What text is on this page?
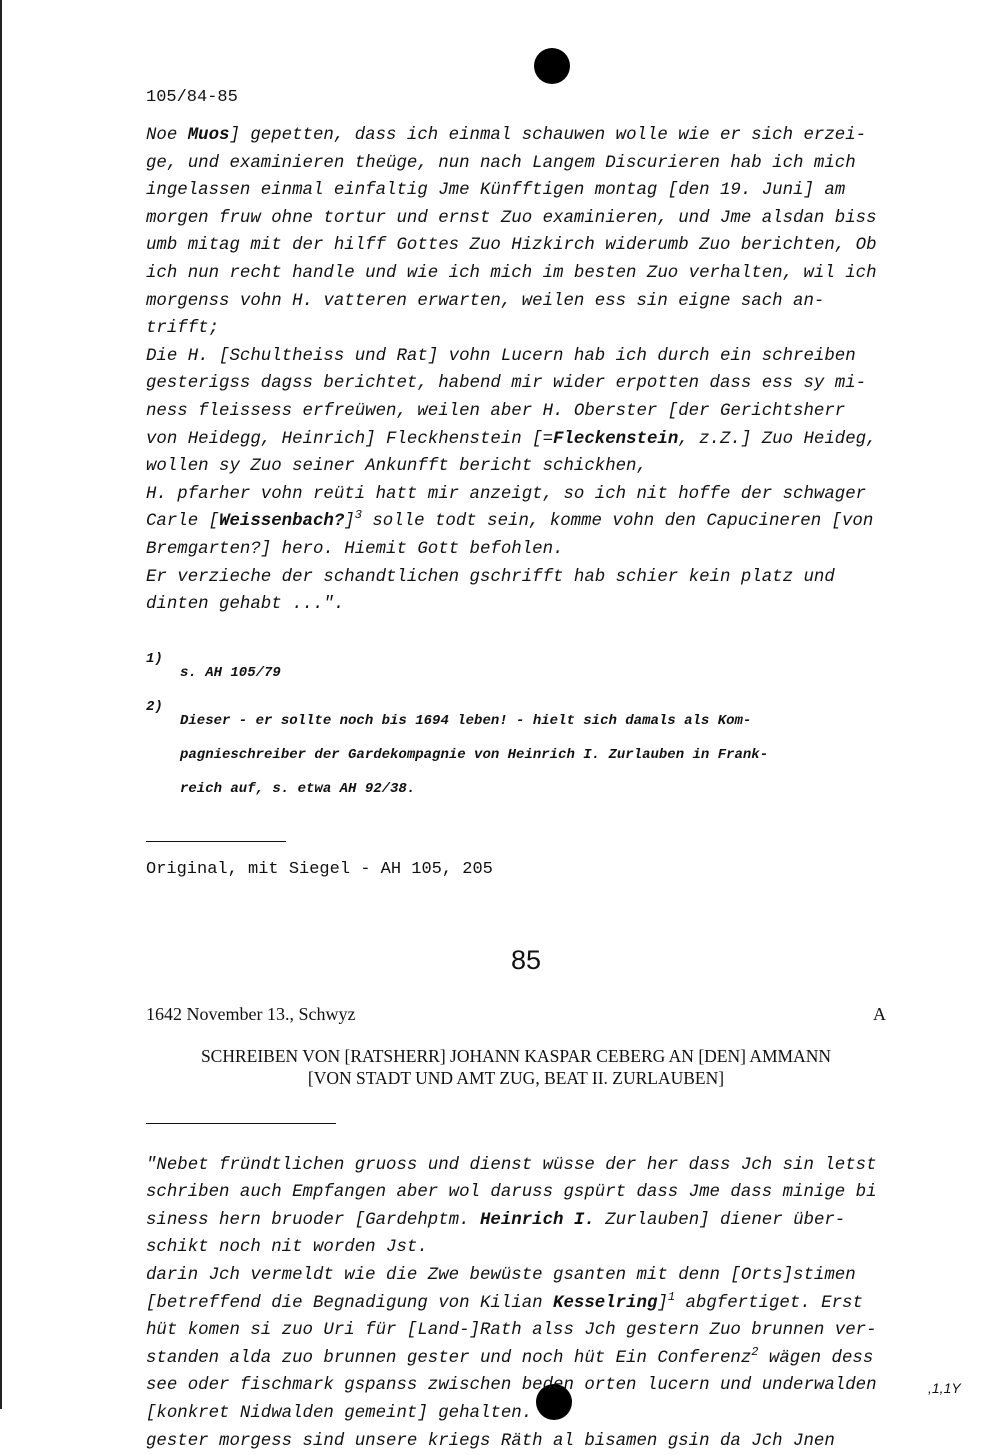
105/84-85

Noe Muos] gepetten, dass ich einmal schauwen wolle wie er sich erzei-

ge, und examinieren theüge, nun nach Langem Discurieren hab ich mich

ingelassen einmal einfaltig Jme Künfftigen montag [den 19. Juni] am

morgen fruw ohne tortur und ernst Zuo examinieren, und Jme alsdan biss

umb mitag mit der hilff Gottes Zuo Hizkirch widerumb Zuo berichten, Ob

ich nun recht handle und wie ich mich im besten Zuo verhalten, wil ich

morgenss vohn H. vatteren erwarten, weilen ess sin eigne sach an-

trifft;

Die H. [Schultheiss und Rat] vohn Lucern hab ich durch ein schreiben

gesterigss dagss berichtet, habend mir wider erpotten dass ess sy mi-

ness fleissess erfreüwen, weilen aber H. Oberster [der Gerichtsherr

von Heidegg, Heinrich] Fleckhenstein [=Fleckenstein, z.Z.] Zuo Heideg,

wollen sy Zuo seiner Ankunfft bericht schickhen,

H. pfarher vohn reüti hatt mir anzeigt, so ich nit hoffe der schwager

Carle [Weissenbach?]$^3$ solle todt sein, komme vohn den Capucineren [von

Bremgarten?] hero. Hiemit Gott befohlen.

Er verzieche der schandtlichen gschrifft hab schier kein platz und

dinten gehabt ...".

1)

s. AH 105/79

2)

Dieser - er sollte noch bis 1694 leben! - hielt sich damals als Kom-

pagnieschreiber der Gardekompagnie von Heinrich I. Zurlauben in Frank-

reich auf, s. etwa AH 92/38.

Original, mit Siegel - AH 105, 205
85
1642 November 13., Schwyz	A
SCHREIBEN VON [RATSHERR] JOHANN KASPAR CEBERG AN [DEN] AMMANN
[VON STADT UND AMT ZUG, BEAT II. ZURLAUBEN]

"Nebet fründtlichen gruoss und dienst wüsse der her dass Jch sin letst

schriben auch Empfangen aber wol daruss gspürt dass Jme dass minige bi

siness hern bruoder [Gardehptm. Heinrich I. Zurlauben] diener über-

schikt noch nit worden Jst.

darin Jch vermeldt wie die Zwe bewüste gsanten mit denn [Orts]stimen

[betreffend die Begnadigung von Kilian Kesselring]$^1$ abgfertiget. Erst

hüt komen si zuo Uri für [Land-]Rath alss Jch gestern Zuo brunnen ver-

standen alda zuo brunnen gester und noch hüt Ein Conferenz$^2$ wägen dess

see oder fischmark gspanss zwischen beden orten lucern und underwalden

[konkret Nidwalden gemeint] gehalten.

gester morgess sind unsere kriegs Räth al bisamen gsin da Jch Jnen

,1,1Y
